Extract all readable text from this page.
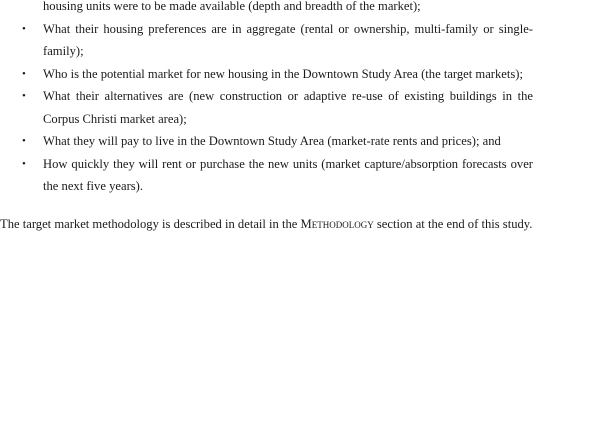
housing units were to be made available (depth and breadth of the market);

• What their housing preferences are in aggregate (rental or ownership, multi-family or single-family);
• Who is the potential market for new housing in the Downtown Study Area (the target markets);
• What their alternatives are (new construction or adaptive re-use of existing buildings in the Corpus Christi market area);
• What they will pay to live in the Downtown Study Area (market-rate rents and prices); and
• How quickly they will rent or purchase the new units (market capture/absorption forecasts over the next five years).

The target market methodology is described in detail in the Methodology section at the end of this study.
